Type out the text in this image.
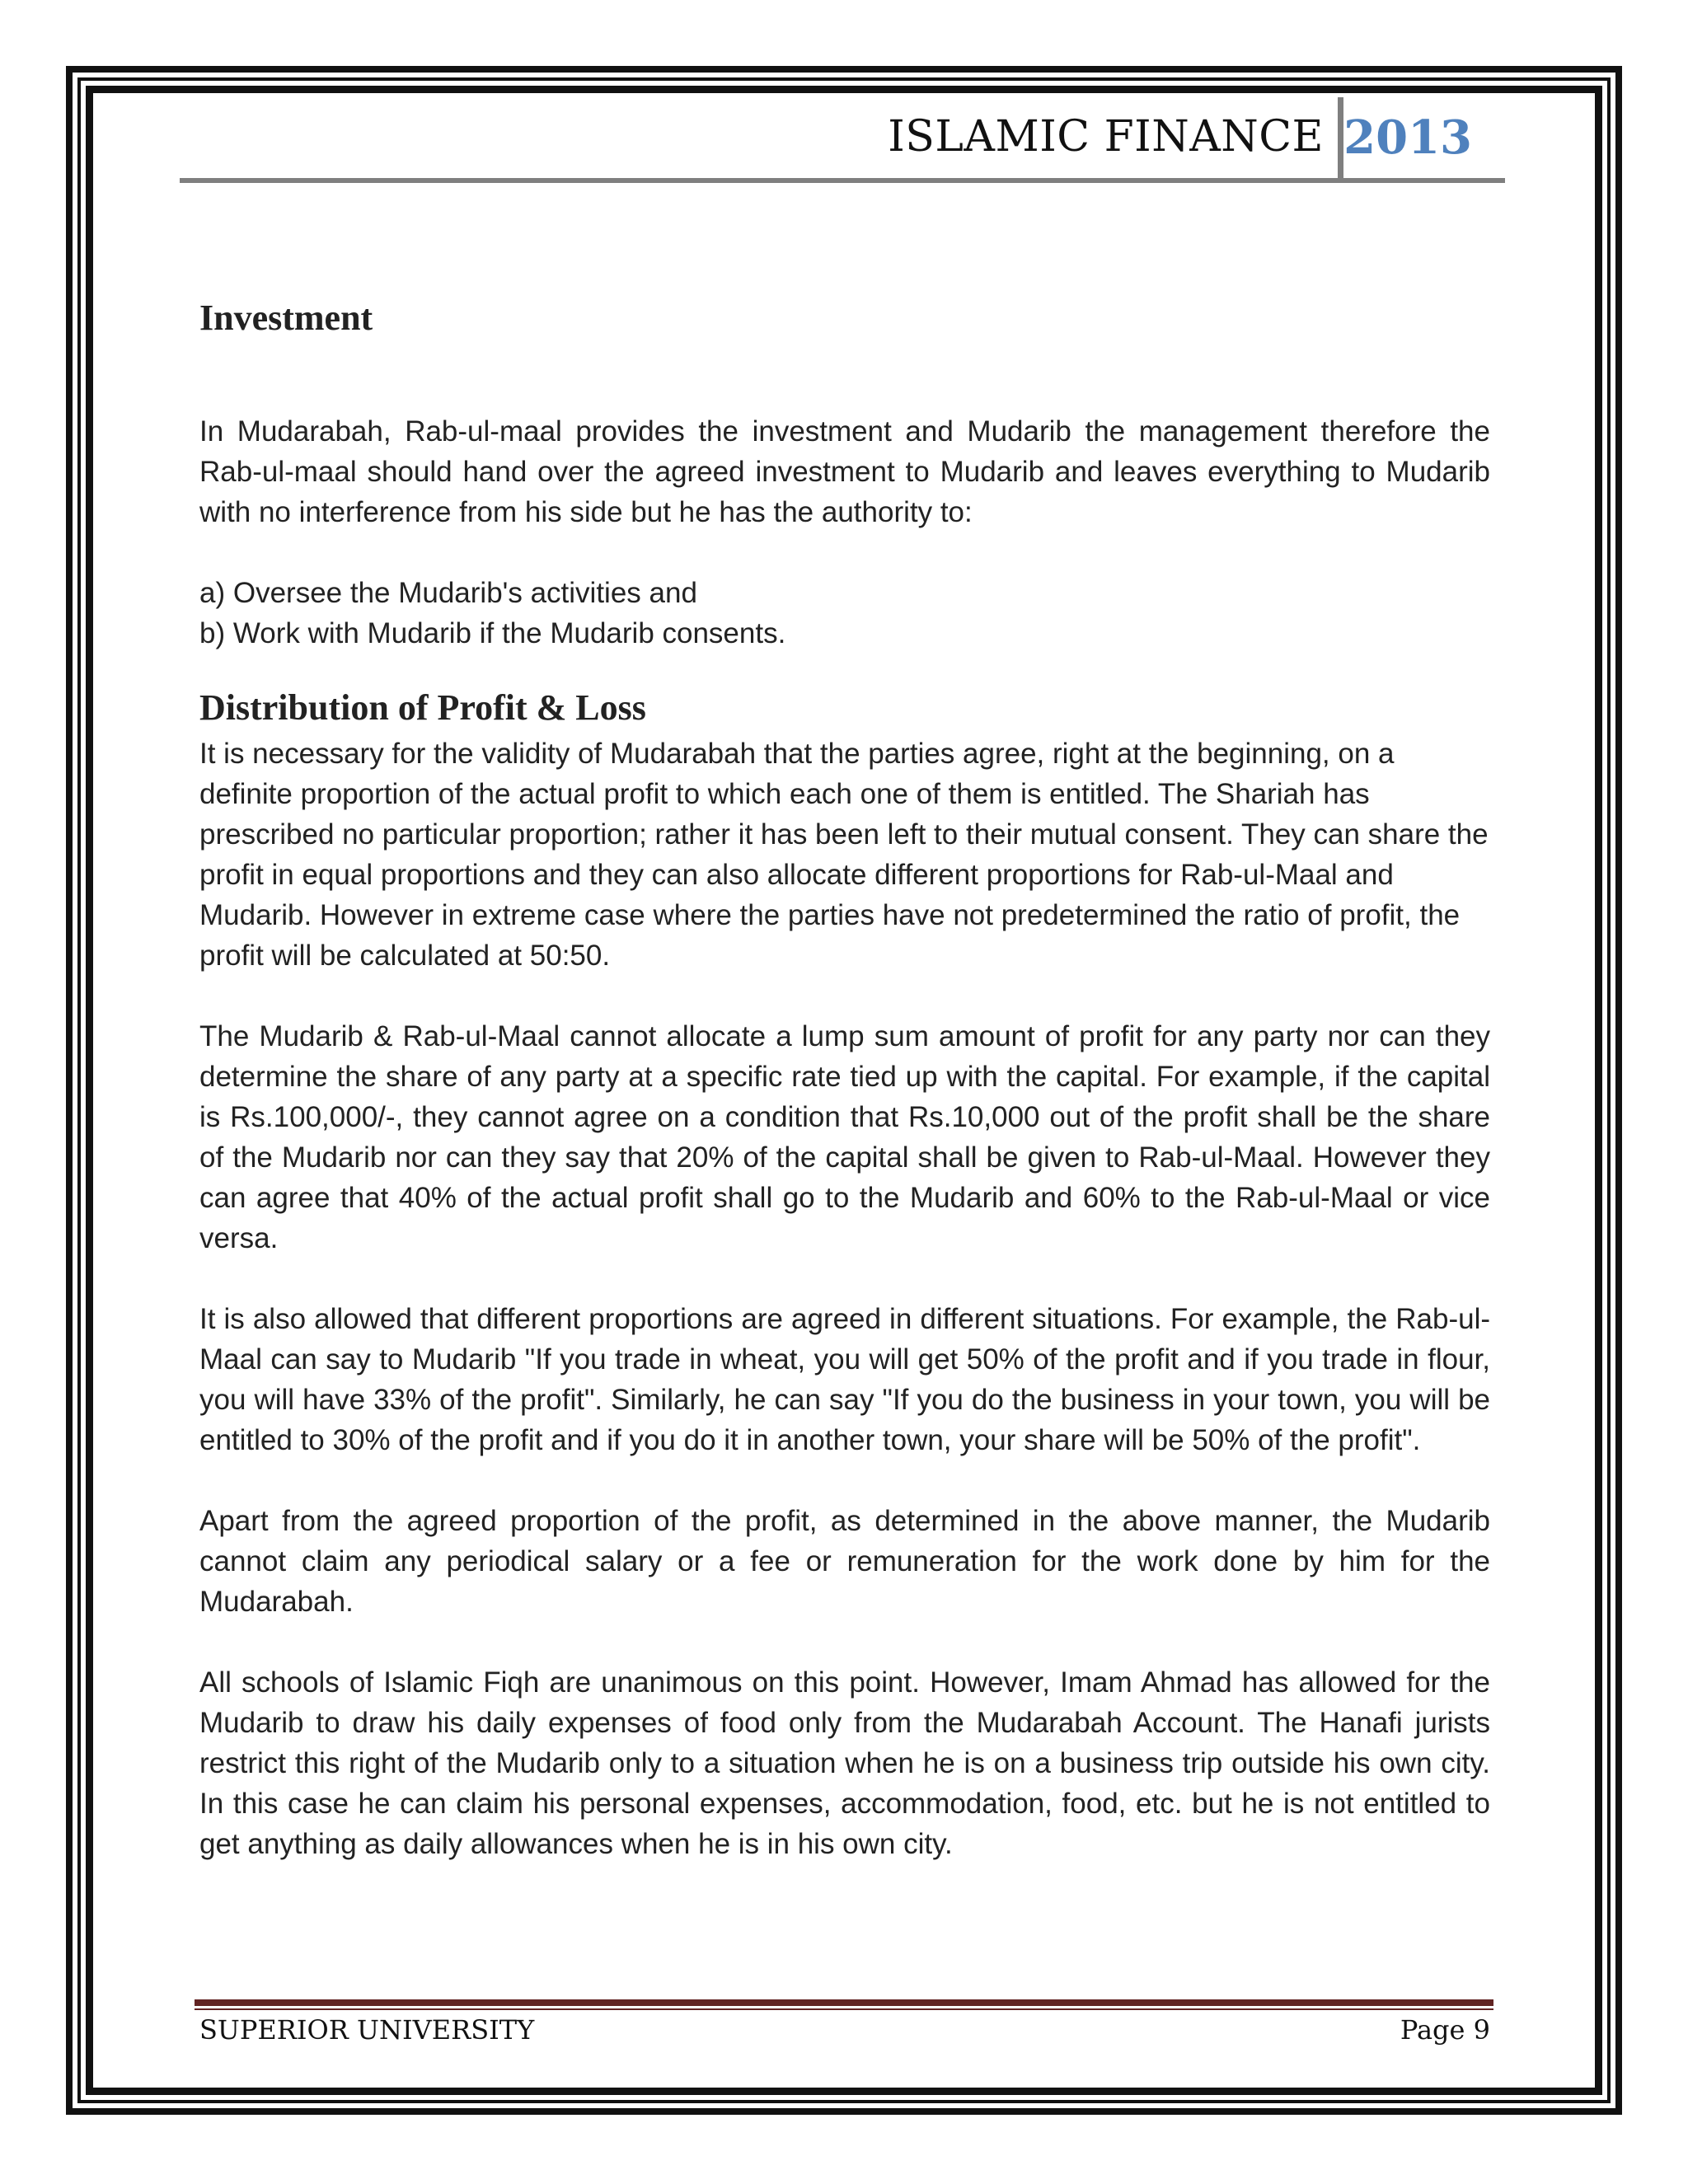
ISLAMIC FINANCE 2013
Investment

In Mudarabah, Rab-ul-maal provides the investment and Mudarib the management therefore the Rab-ul-maal should hand over the agreed investment to Mudarib and leaves everything to Mudarib with no interference from his side but he has the authority to:

a) Oversee the Mudarib's activities and

b) Work with Mudarib if the Mudarib consents.

Distribution of Profit & Loss

It is necessary for the validity of Mudarabah that the parties agree, right at the beginning, on a definite proportion of the actual profit to which each one of them is entitled. The Shariah has prescribed no particular proportion; rather it has been left to their mutual consent. They can share the profit in equal proportions and they can also allocate different proportions for Rab-ul-Maal and Mudarib. However in extreme case where the parties have not predetermined the ratio of profit, the profit will be calculated at 50:50.

The Mudarib & Rab-ul-Maal cannot allocate a lump sum amount of profit for any party nor can they determine the share of any party at a specific rate tied up with the capital. For example, if the capital is Rs.100,000/-, they cannot agree on a condition that Rs.10,000 out of the profit shall be the share of the Mudarib nor can they say that 20% of the capital shall be given to Rab-ul-Maal. However they can agree that 40% of the actual profit shall go to the Mudarib and 60% to the Rab-ul-Maal or vice versa.

It is also allowed that different proportions are agreed in different situations. For example, the Rab-ul-Maal can say to Mudarib "If you trade in wheat, you will get 50% of the profit and if you trade in flour, you will have 33% of the profit". Similarly, he can say "If you do the business in your town, you will be entitled to 30% of the profit and if you do it in another town, your share will be 50% of the profit".

Apart from the agreed proportion of the profit, as determined in the above manner, the Mudarib cannot claim any periodical salary or a fee or remuneration for the work done by him for the Mudarabah.

All schools of Islamic Fiqh are unanimous on this point. However, Imam Ahmad has allowed for the Mudarib to draw his daily expenses of food only from the Mudarabah Account. The Hanafi jurists restrict this right of the Mudarib only to a situation when he is on a business trip outside his own city. In this case he can claim his personal expenses, accommodation, food, etc. but he is not entitled to get anything as daily allowances when he is in his own city.

SUPERIOR UNIVERSITY	Page 9
